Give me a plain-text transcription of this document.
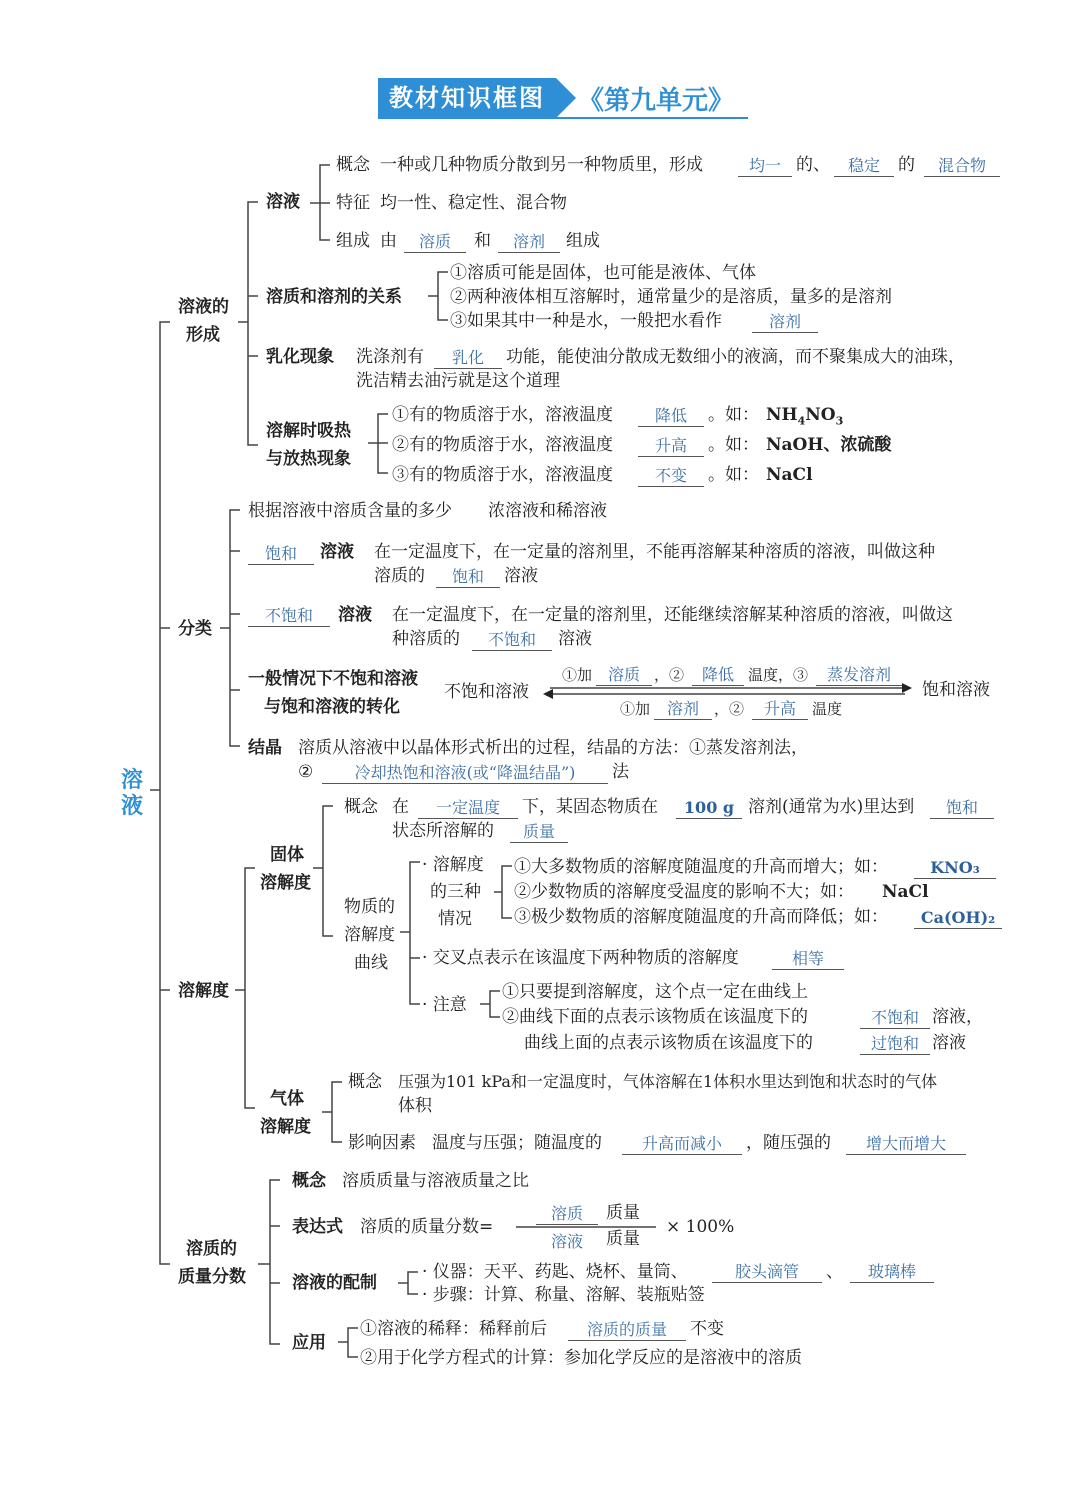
教材知识框图	《第九单元》
溶液
溶液的
形成
溶液
概念 一种或几种物质分散到另一种物质里，形成	均一 的、	稳定	的	混合物
特征 均一性、稳定性、混合物
组成 由	溶质	和	溶剂	组成
溶质和溶剂的关系
①溶质可能是固体，也可能是液体、气体
②两种液体相互溶解时，通常量少的是溶质，量多的是溶剂
③如果其中一种是水，一般把水看作	溶剂
乳化现象 洗涤剂有	乳化	功能，能使油分散成无数细小的液滴，而不聚集成大的油珠，
洗洁精去油污就是这个道理
溶解时吸热
与放热现象
①有的物质溶于水，溶液温度	降低	。如： $NH_4NO_3$
②有的物质溶于水，溶液温度	升高	。如： NaOH、浓硫酸
③有的物质溶于水，溶液温度	不变	。如： NaCl
分类
根据溶液中溶质含量的多少 浓溶液和稀溶液
饱和	溶液 在一定温度下，在一定量的溶剂里，不能再溶解某种溶质的溶液，叫做这种
溶质的	饱和	溶液
不饱和	溶液 在一定温度下，在一定量的溶剂里，还能继续溶解某种溶质的溶液，叫做这
种溶质的	不饱和	溶液
一般情况下不饱和溶液
与饱和溶液的转化
不饱和溶液	饱和溶液
①加 溶质 ，②	降低 温度，③	蒸发溶剂
①加	溶剂	，②	升高	温度
结晶 溶质从溶液中以晶体形式析出的过程，结晶的方法：①蒸发溶剂法，
②	冷却热饱和溶液(或“降温结晶”)	法
溶解度
固体
溶解度
概念 在	一定温度	下，某固态物质在	100 g 溶剂(通常为水)里达到	饱和
状态所溶解的	质量
物质的
溶解度
曲线
· 溶解度
的三种
情况
①大多数物质的溶解度随温度的升高而增大；如：	KNO₃
②少数物质的溶解度受温度的影响不大；如： NaCl
③极少数物质的溶解度随温度的升高而降低；如：	Ca(OH)₂
· 交叉点表示在该温度下两种物质的溶解度	相等
· 注意
①只要提到溶解度，这个点一定在曲线上
②曲线下面的点表示该物质在该温度下的	不饱和 溶液，
曲线上面的点表示该物质在该温度下的	过饱和 溶液
气体
溶解度
概念 压强为101 kPa和一定温度时，气体溶解在1体积水里达到饱和状态时的气体
体积
影响因素 温度与压强；随温度的	升高而减小	，随压强的	增大而增大
溶质的
质量分数
概念 溶质质量与溶液质量之比
表达式 溶质的质量分数=
溶质	质量
溶液	质量
× 100%
溶液的配制
· 仪器：天平、药匙、烧杯、量筒、	胶头滴管	、	玻璃棒
· 步骤：计算、称量、溶解、装瓶贴签
应用
①溶液的稀释：稀释前后	溶质的质量	不变
②用于化学方程式的计算：参加化学反应的是溶液中的溶质
